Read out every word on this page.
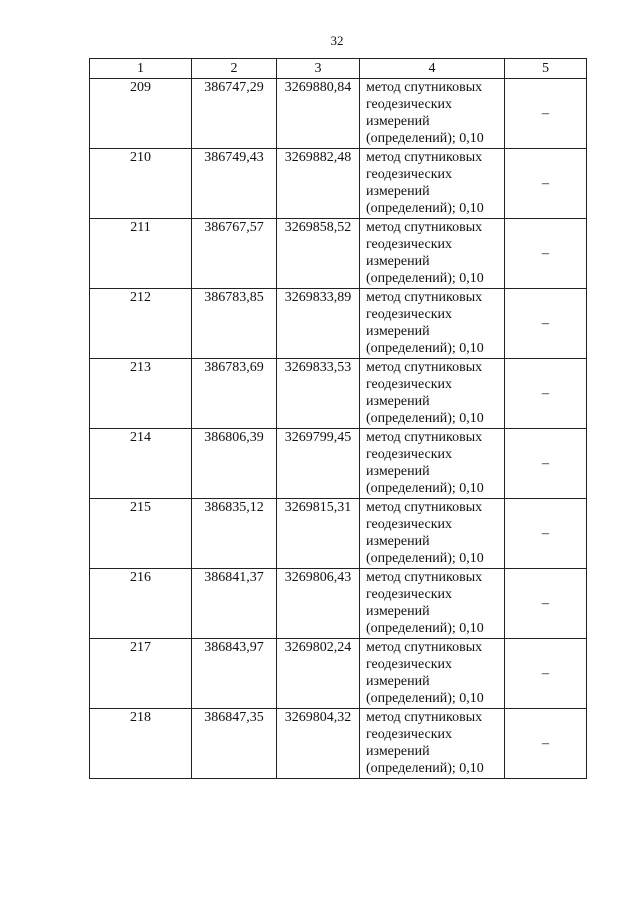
32
1	2	3	4	5
209	386747,29	3269880,84	метод спутниковых
геодезических
измерений
(определений); 0,10	–
210	386749,43	3269882,48	метод спутниковых
геодезических
измерений
(определений); 0,10	–
211	386767,57	3269858,52	метод спутниковых
геодезических
измерений
(определений); 0,10	–
212	386783,85	3269833,89	метод спутниковых
геодезических
измерений
(определений); 0,10	–
213	386783,69	3269833,53	метод спутниковых
геодезических
измерений
(определений); 0,10	–
214	386806,39	3269799,45	метод спутниковых
геодезических
измерений
(определений); 0,10	–
215	386835,12	3269815,31	метод спутниковых
геодезических
измерений
(определений); 0,10	–
216	386841,37	3269806,43	метод спутниковых
геодезических
измерений
(определений); 0,10	–
217	386843,97	3269802,24	метод спутниковых
геодезических
измерений
(определений); 0,10	–
218	386847,35	3269804,32	метод спутниковых
геодезических
измерений
(определений); 0,10	–
